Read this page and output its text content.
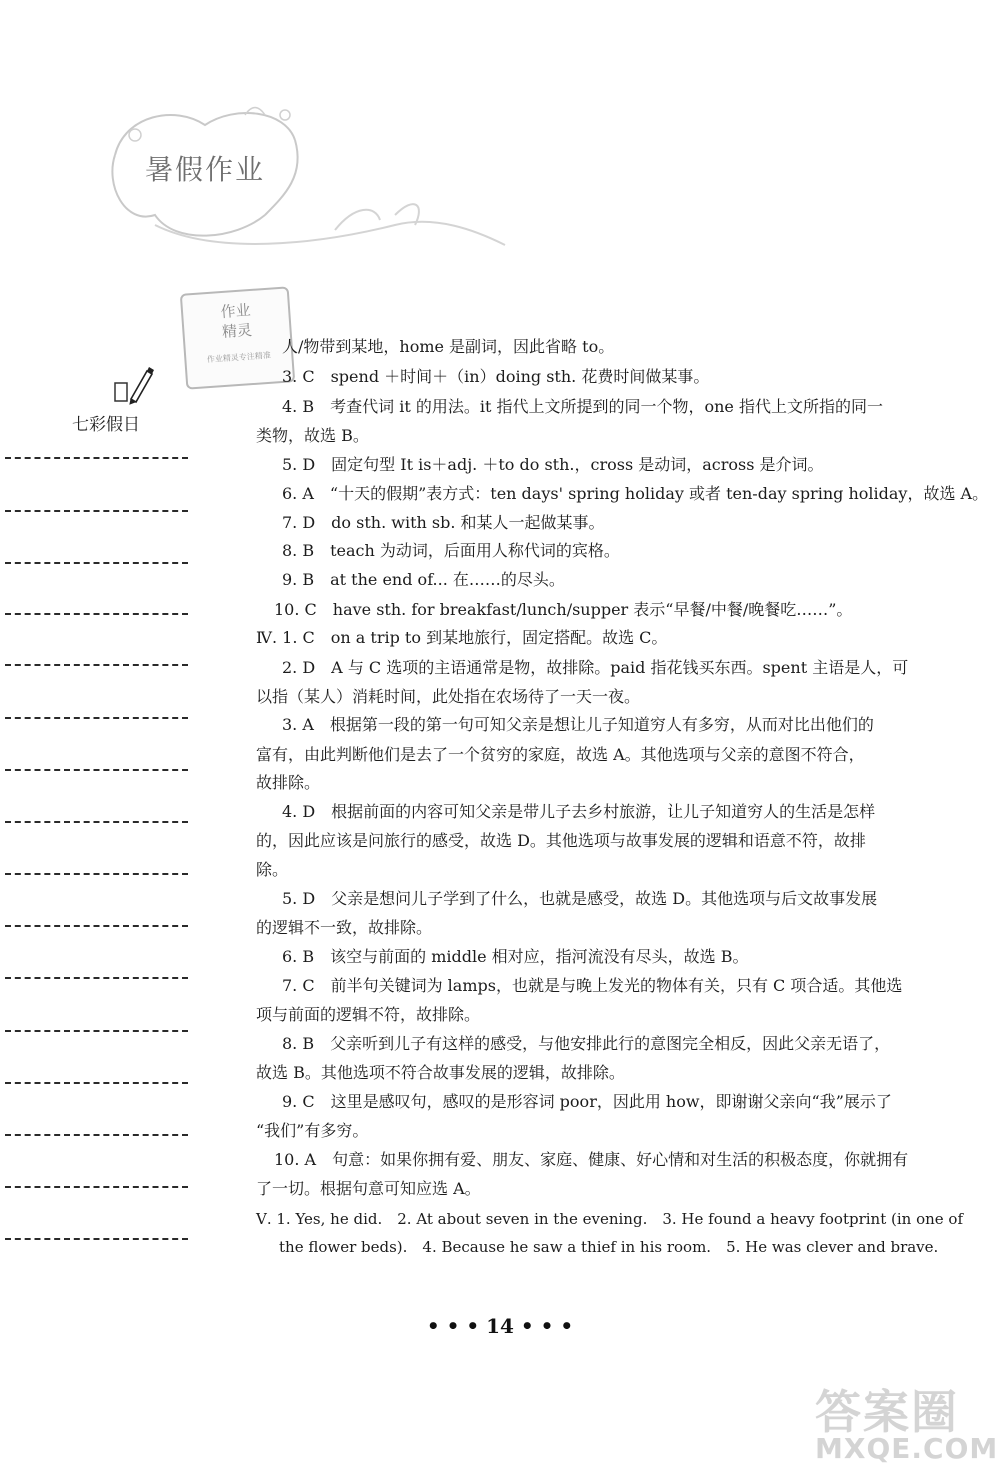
暑假作业
作业
精灵
作业精灵专注精准
七彩假日
人/物带到某地，home 是副词，因此省略 to。
3. C　spend ＋时间＋（in）doing sth. 花费时间做某事。
4. B　考查代词 it 的用法。it 指代上文所提到的同一个物，one 指代上文所指的同一
类物，故选 B。
5. D　固定句型 It is＋adj. ＋to do sth.，cross 是动词，across 是介词。
6. A　“十天的假期”表方式：ten days' spring holiday 或者 ten-day spring holiday，故选 A。
7. D　do sth. with sb. 和某人一起做某事。
8. B　teach 为动词，后面用人称代词的宾格。
9. B　at the end of... 在……的尽头。
10. C　have sth. for breakfast/lunch/supper 表示“早餐/中餐/晚餐吃……”。
Ⅳ. 1. C　on a trip to 到某地旅行，固定搭配。故选 C。
2. D　A 与 C 选项的主语通常是物，故排除。paid 指花钱买东西。spent 主语是人，可
以指（某人）消耗时间，此处指在农场待了一天一夜。
3. A　根据第一段的第一句可知父亲是想让儿子知道穷人有多穷，从而对比出他们的
富有，由此判断他们是去了一个贫穷的家庭，故选 A。其他选项与父亲的意图不符合，
故排除。
4. D　根据前面的内容可知父亲是带儿子去乡村旅游，让儿子知道穷人的生活是怎样
的，因此应该是问旅行的感受，故选 D。其他选项与故事发展的逻辑和语意不符，故排
除。
5. D　父亲是想问儿子学到了什么，也就是感受，故选 D。其他选项与后文故事发展
的逻辑不一致，故排除。
6. B　该空与前面的 middle 相对应，指河流没有尽头，故选 B。
7. C　前半句关键词为 lamps，也就是与晚上发光的物体有关，只有 C 项合适。其他选
项与前面的逻辑不符，故排除。
8. B　父亲听到儿子有这样的感受，与他安排此行的意图完全相反，因此父亲无语了，
故选 B。其他选项不符合故事发展的逻辑，故排除。
9. C　这里是感叹句，感叹的是形容词 poor，因此用 how，即谢谢父亲向“我”展示了
“我们”有多穷。
10. A　句意：如果你拥有爱、朋友、家庭、健康、好心情和对生活的积极态度，你就拥有
了一切。根据句意可知应选 A。
Ⅴ. 1. Yes, he did.　2. At about seven in the evening.　3. He found a heavy footprint (in one of
the flower beds).　4. Because he saw a thief in his room.　5. He was clever and brave.
• • • 14 • • •
答案圈
MXQE.COM
